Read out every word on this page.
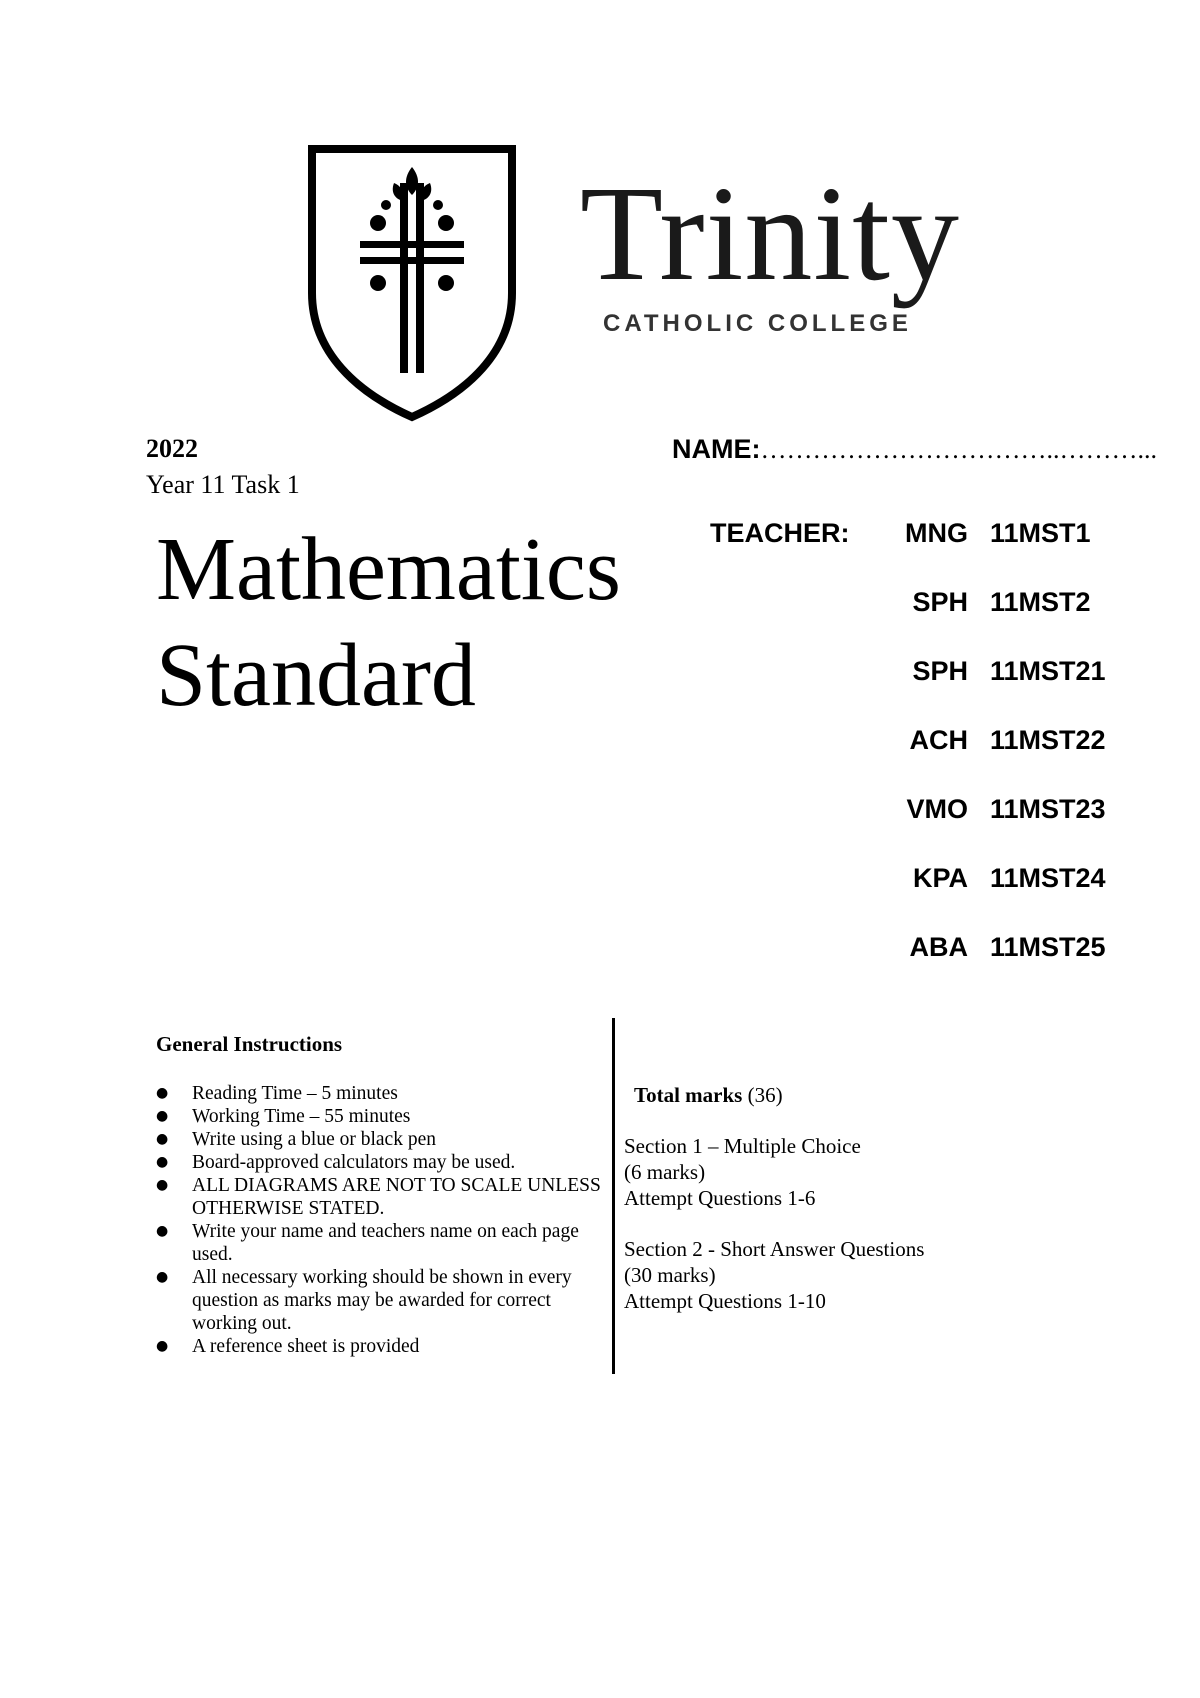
Trinity
CATHOLIC COLLEGE
2022
Year 11 Task 1
Mathematics
Standard
NAME:……………………………..………...
TEACHER:	MNG 11MST1
SPH 11MST2
SPH 11MST21
ACH 11MST22
VMO 11MST23
KPA 11MST24
ABA 11MST25
General Instructions
● Reading Time – 5 minutes
● Working Time – 55 minutes
● Write using a blue or black pen
● Board-approved calculators may be used.
● ALL DIAGRAMS ARE NOT TO SCALE UNLESS OTHERWISE STATED.
● Write your name and teachers name on each page used.
● All necessary working should be shown in every question as marks may be awarded for correct working out.
● A reference sheet is provided
Total marks (36)
Section 1 – Multiple Choice
(6 marks)
Attempt Questions 1-6
Section 2 - Short Answer Questions
(30 marks)
Attempt Questions 1-10
